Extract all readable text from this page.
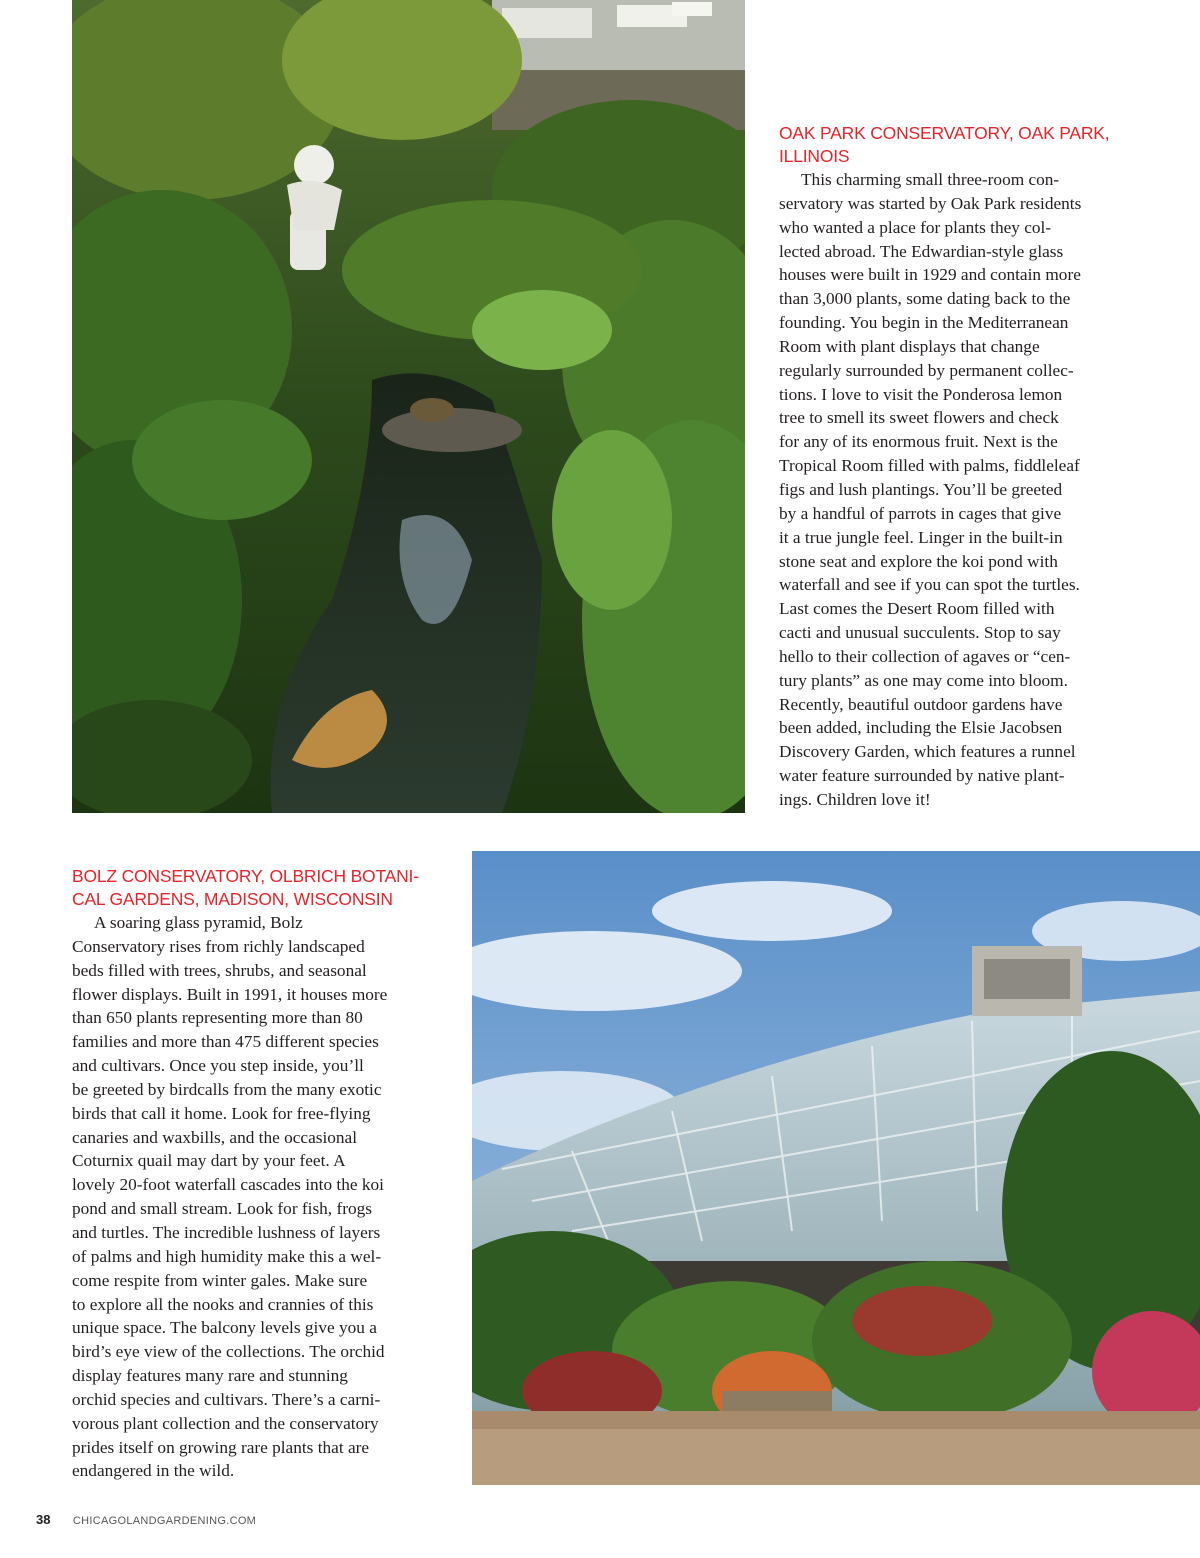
OAK PARK CONSERVATORY, OAK PARK,
ILLINOIS

This charming small three-room con-
servatory was started by Oak Park residents
who wanted a place for plants they col-
lected abroad. The Edwardian-style glass
houses were built in 1929 and contain more
than 3,000 plants, some dating back to the
founding. You begin in the Mediterranean
Room with plant displays that change
regularly surrounded by permanent collec-
tions. I love to visit the Ponderosa lemon
tree to smell its sweet flowers and check
for any of its enormous fruit. Next is the
Tropical Room filled with palms, fiddleleaf
figs and lush plantings. You’ll be greeted
by a handful of parrots in cages that give
it a true jungle feel. Linger in the built-in
stone seat and explore the koi pond with
waterfall and see if you can spot the turtles.
Last comes the Desert Room filled with
cacti and unusual succulents. Stop to say
hello to their collection of agaves or “cen-
tury plants” as one may come into bloom.
Recently, beautiful outdoor gardens have
been added, including the Elsie Jacobsen
Discovery Garden, which features a runnel
water feature surrounded by native plant-
ings. Children love it!

BOLZ CONSERVATORY, OLBRICH BOTANI-
CAL GARDENS, MADISON, WISCONSIN

A soaring glass pyramid, Bolz
Conservatory rises from richly landscaped
beds filled with trees, shrubs, and seasonal
flower displays. Built in 1991, it houses more
than 650 plants representing more than 80
families and more than 475 different species
and cultivars. Once you step inside, you’ll
be greeted by birdcalls from the many exotic
birds that call it home. Look for free-flying
canaries and waxbills, and the occasional
Coturnix quail may dart by your feet. A
lovely 20-foot waterfall cascades into the koi
pond and small stream. Look for fish, frogs
and turtles. The incredible lushness of layers
of palms and high humidity make this a wel-
come respite from winter gales. Make sure
to explore all the nooks and crannies of this
unique space. The balcony levels give you a
bird’s eye view of the collections. The orchid
display features many rare and stunning
orchid species and cultivars. There’s a carni-
vorous plant collection and the conservatory
prides itself on growing rare plants that are
endangered in the wild.

38 CHICAGOLANDGARDENING.COM
